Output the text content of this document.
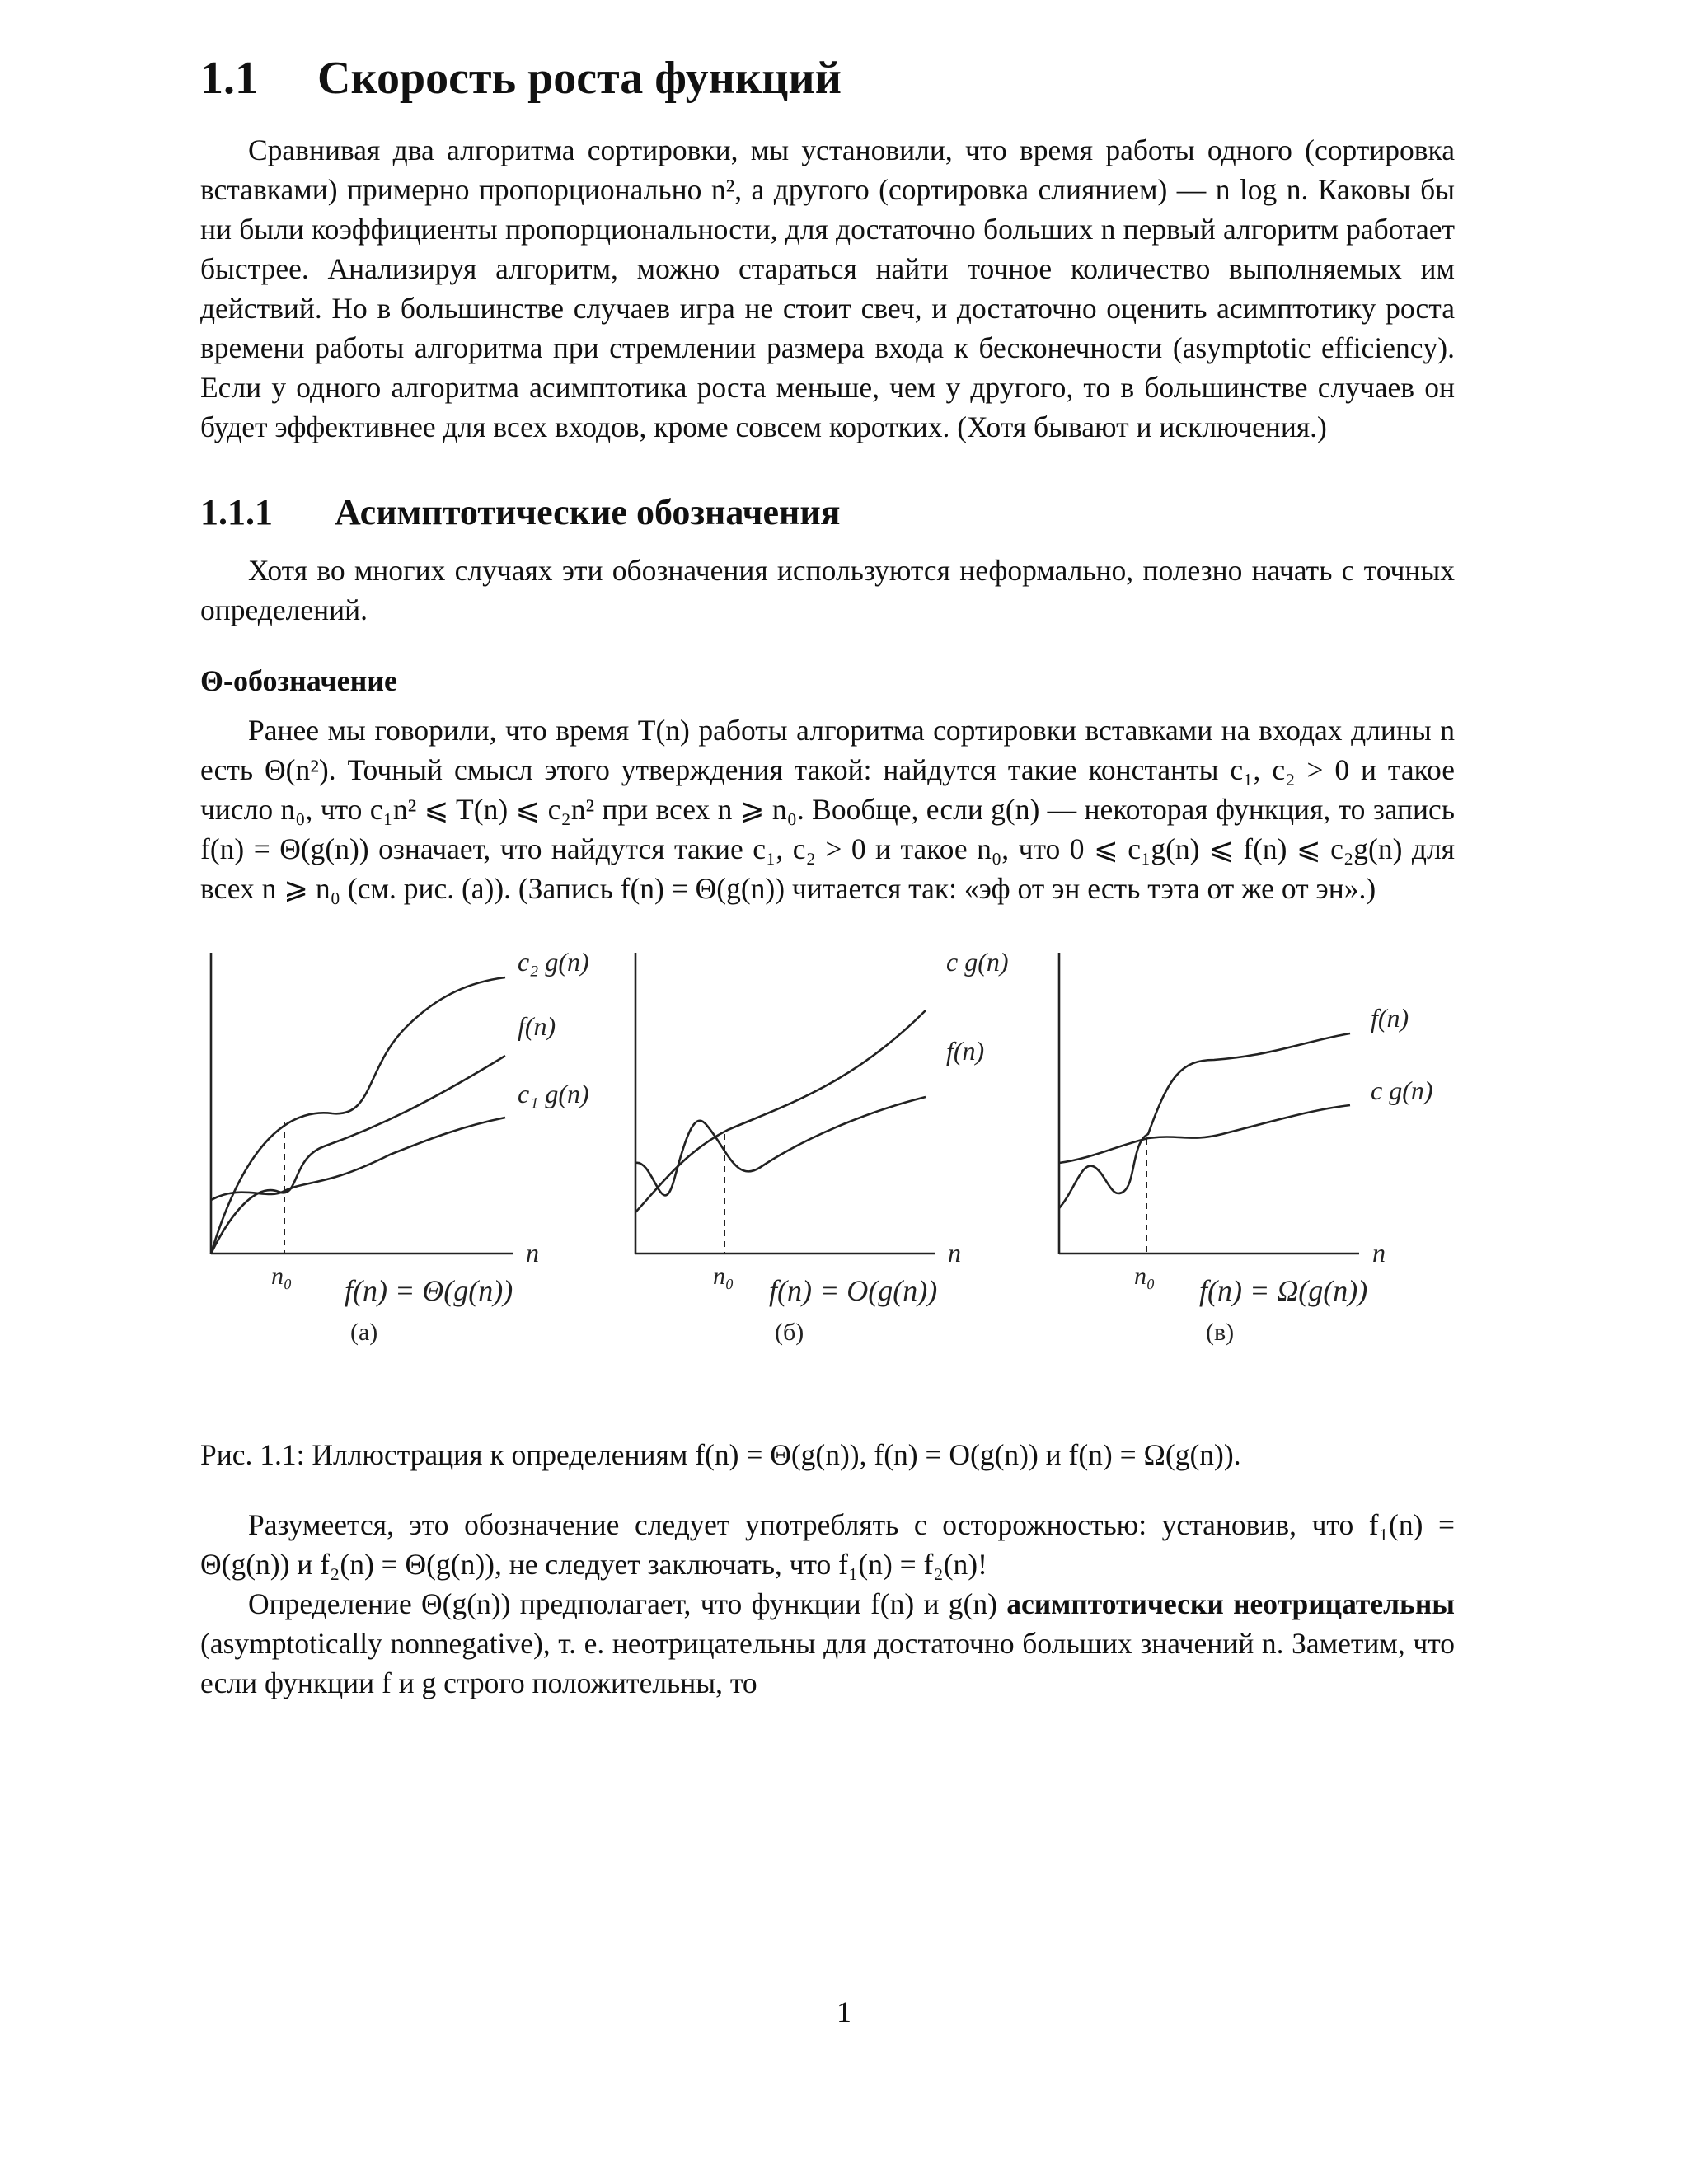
1.1	Скорость роста функций

Сравнивая два алгоритма сортировки, мы установили, что время работы одного (сортировка вставками) примерно пропорционально n², а другого (сортировка слиянием) — n log n. Каковы бы ни были коэффициенты пропорциональности, для достаточно больших n первый алгоритм работает быстрее. Анализируя алгоритм, можно стараться найти точное количество выполняемых им действий. Но в большинстве случаев игра не стоит свеч, и достаточно оценить асимптотику роста времени работы алгоритма при стремлении размера входа к бесконечности (asymptotic efficiency). Если у одного алгоритма асимптотика роста меньше, чем у другого, то в большинстве случаев он будет эффективнее для всех входов, кроме совсем коротких. (Хотя бывают и исключения.)

1.1.1	Асимптотические обозначения

Хотя во многих случаях эти обозначения используются неформально, полезно начать с точных определений.

Θ-обозначение

Ранее мы говорили, что время T(n) работы алгоритма сортировки вставками на входах длины n есть Θ(n²). Точный смысл этого утверждения такой: найдутся такие константы c₁, c₂ > 0 и такое число n₀, что c₁n² ⩽ T(n) ⩽ c₂n² при всех n ⩾ n₀. Вообще, если g(n) — некоторая функция, то запись f(n) = Θ(g(n)) означает, что найдутся такие c₁, c₂ > 0 и такое n₀, что 0 ⩽ c₁g(n) ⩽ f(n) ⩽ c₂g(n) для всех n ⩾ n₀ (см. рис. (а)). (Запись f(n) = Θ(g(n)) читается так: «эф от эн есть тэта от же от эн».)

c₂ g(n)
f(n)
c₁ g(n)
n
n₀ f(n) = Θ(g(n))
(а)
c g(n)
f(n)
n
n₀ f(n) = O(g(n))
(б)
f(n)
c g(n)
n
n₀ f(n) = Ω(g(n))
(в)
Рис. 1.1: Иллюстрация к определениям f(n) = Θ(g(n)), f(n) = O(g(n)) и f(n) = Ω(g(n)).

Разумеется, это обозначение следует употреблять с осторожностью: установив, что f₁(n) = Θ(g(n)) и f₂(n) = Θ(g(n)), не следует заключать, что f₁(n) = f₂(n)!

Определение Θ(g(n)) предполагает, что функции f(n) и g(n) асимптотически неотрицательны (asymptotically nonnegative), т. е. неотрицательны для достаточно больших значений n. Заметим, что если функции f и g строго положительны, то

1
